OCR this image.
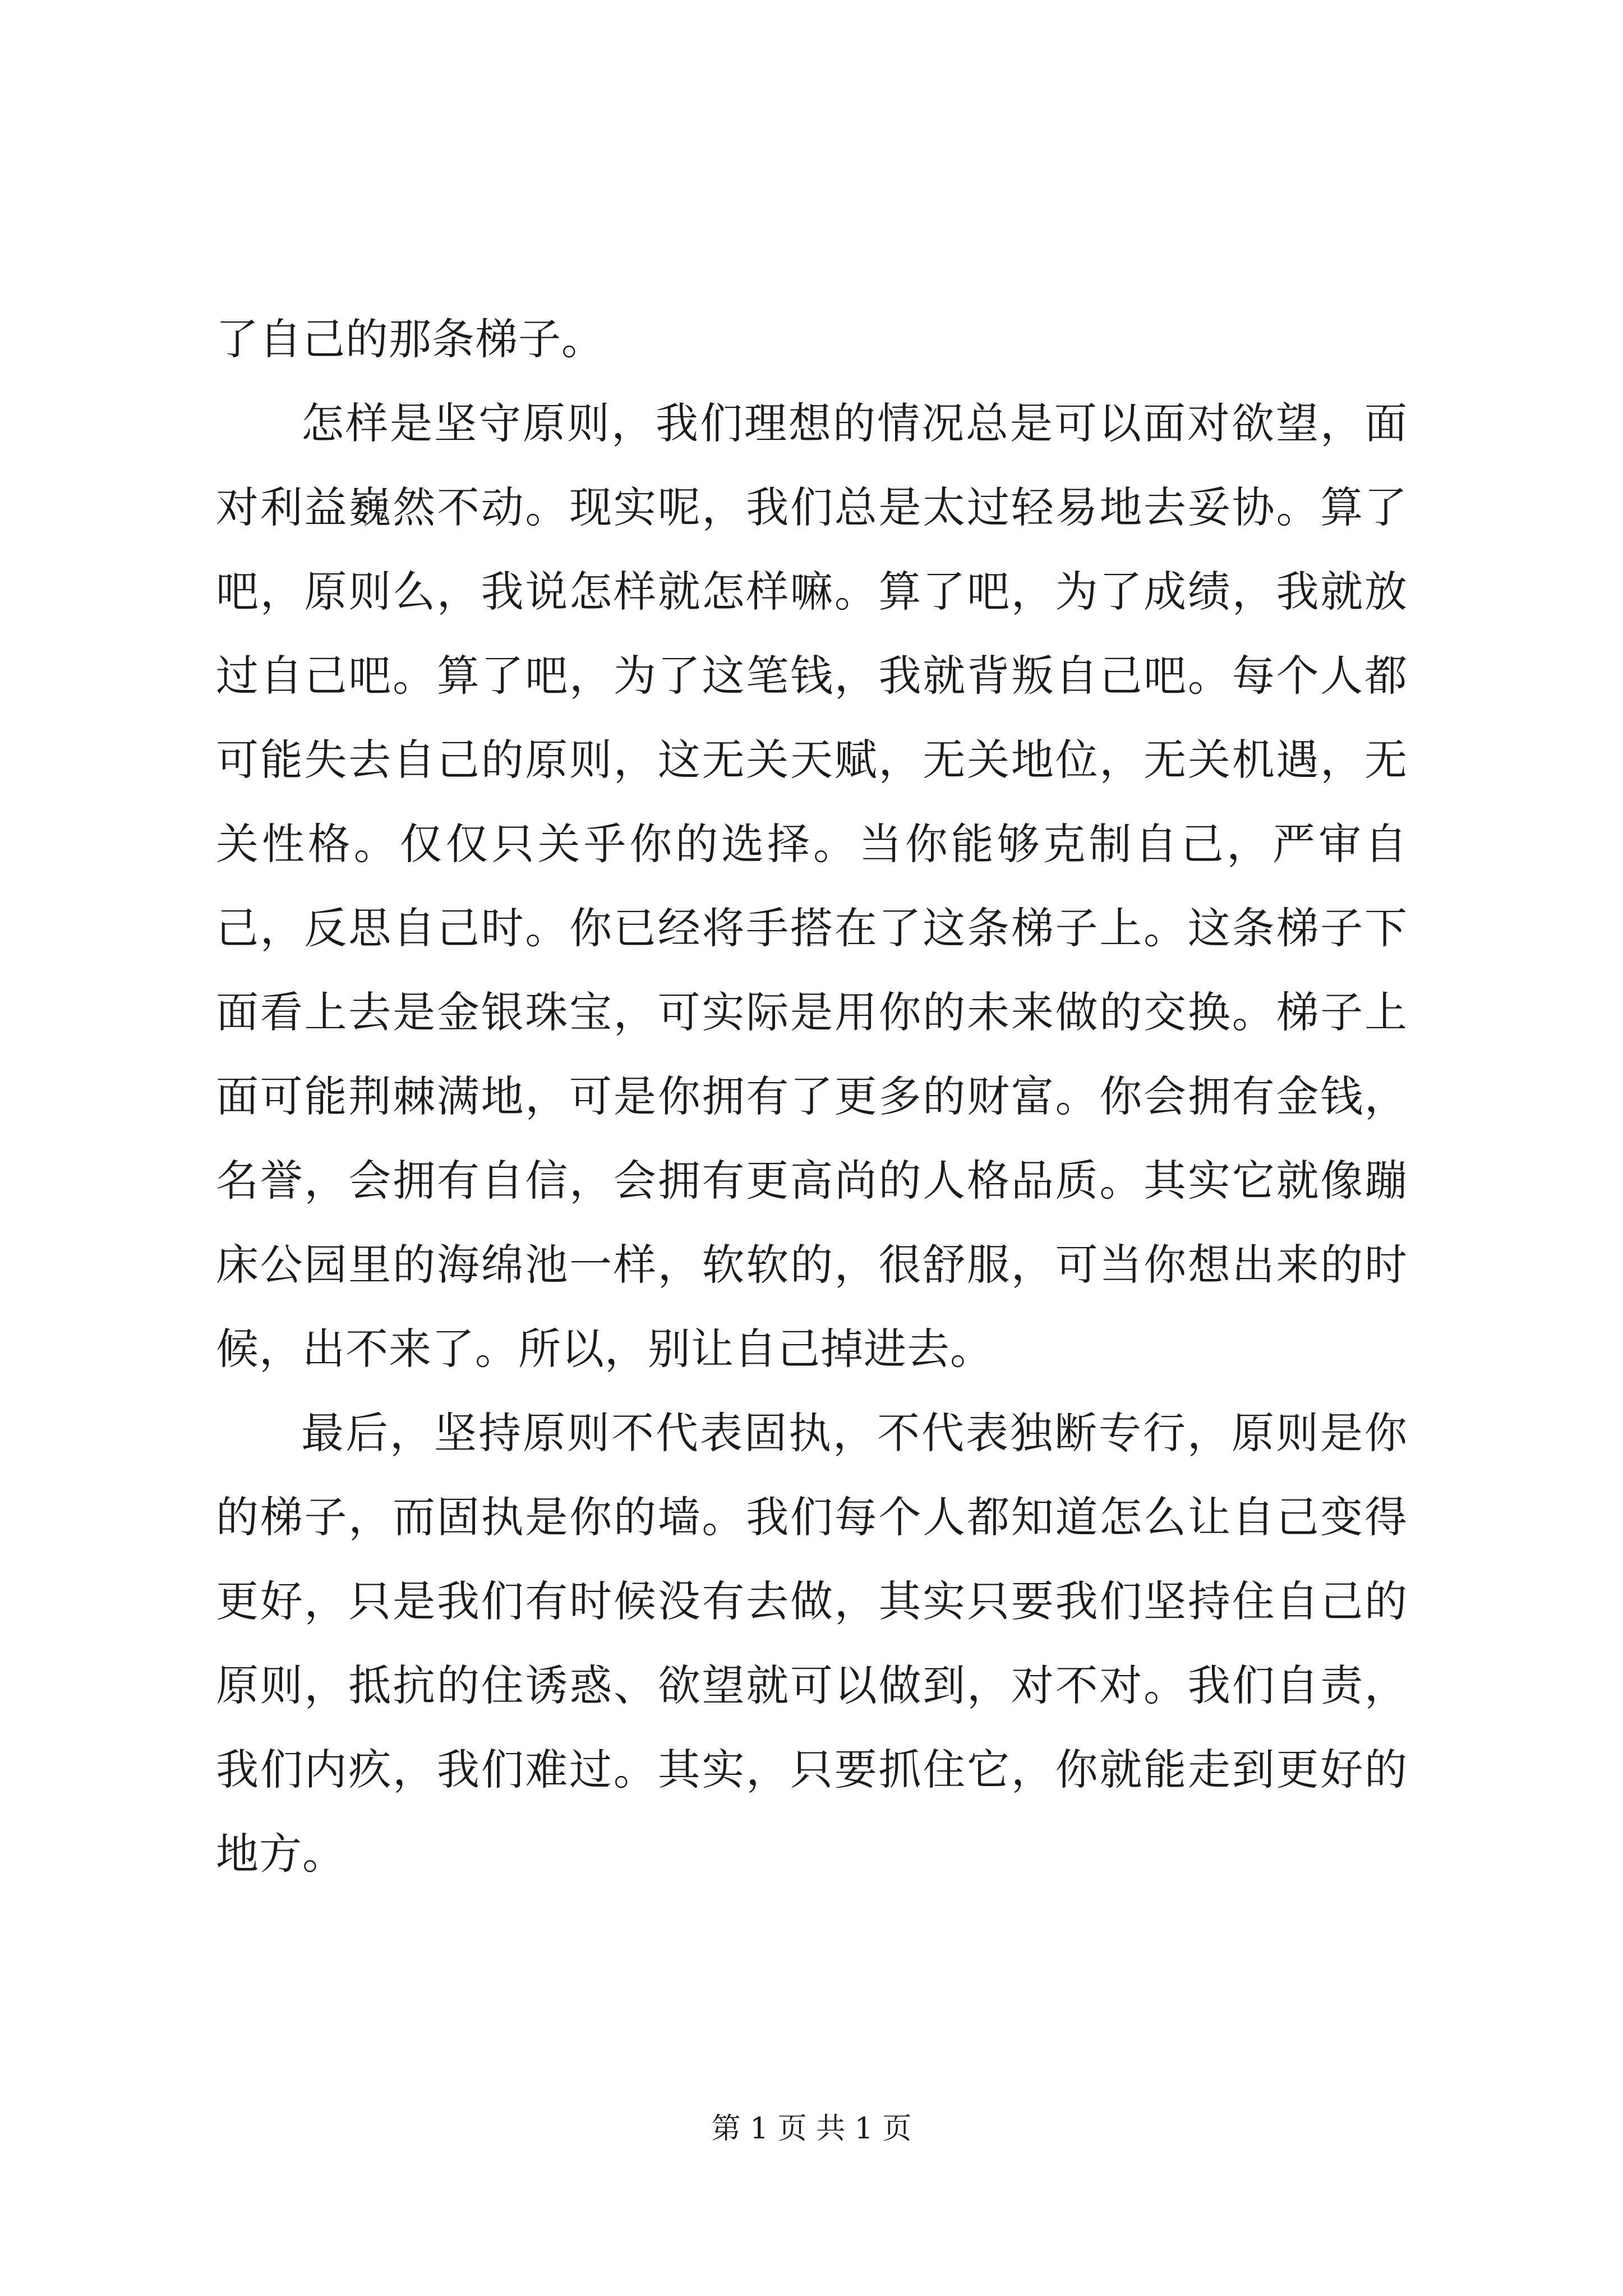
了自己的那条梯子。

怎样是坚守原则，我们理想的情况总是可以面对欲望，面对利益巍然不动。现实呢，我们总是太过轻易地去妥协。算了吧，原则么，我说怎样就怎样嘛。算了吧，为了成绩，我就放过自己吧。算了吧，为了这笔钱，我就背叛自己吧。每个人都可能失去自己的原则，这无关天赋，无关地位，无关机遇，无关性格。仅仅只关乎你的选择。当你能够克制自己，严审自己，反思自己时。你已经将手搭在了这条梯子上。这条梯子下面看上去是金银珠宝，可实际是用你的未来做的交换。梯子上面可能荆棘满地，可是你拥有了更多的财富。你会拥有金钱，名誉，会拥有自信，会拥有更高尚的人格品质。其实它就像蹦床公园里的海绵池一样，软软的，很舒服，可当你想出来的时候，出不来了。所以，别让自己掉进去。

最后，坚持原则不代表固执，不代表独断专行，原则是你的梯子，而固执是你的墙。我们每个人都知道怎么让自己变得更好，只是我们有时候没有去做，其实只要我们坚持住自己的原则，抵抗的住诱惑、欲望就可以做到，对不对。我们自责，我们内疚，我们难过。其实，只要抓住它，你就能走到更好的地方。

第 1 页 共 1 页
